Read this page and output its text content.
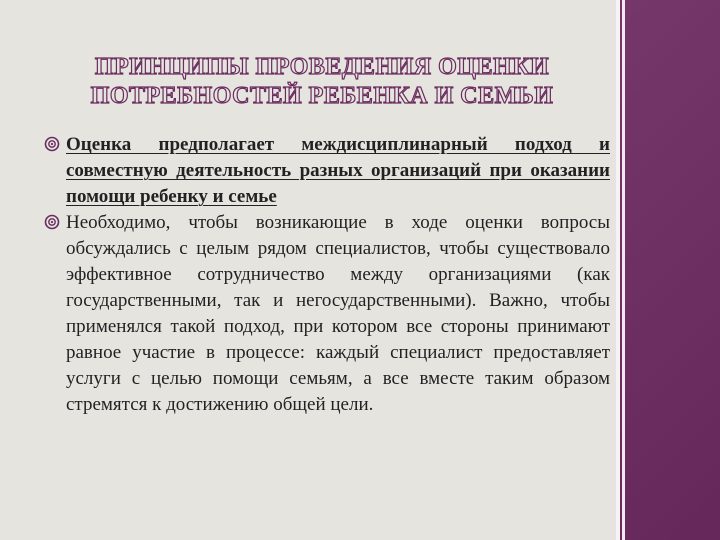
ПРИНЦИПЫ ПРОВЕДЕНИЯ ОЦЕНКИ ПОТРЕБНОСТЕЙ РЕБЕНКА И СЕМЬИ
Оценка предполагает междисциплинарный подход и совместную деятельность разных организаций при оказании помощи ребенку и семье
Необходимо, чтобы возникающие в ходе оценки вопросы обсуждались с целым рядом специалистов, чтобы существовало эффективное сотрудничество между организациями (как государственными, так и негосударственными). Важно, чтобы применялся такой подход, при котором все стороны принимают равное участие в процессе: каждый специалист предоставляет услуги с целью помощи семьям, а все вместе таким образом стремятся к достижению общей цели.
